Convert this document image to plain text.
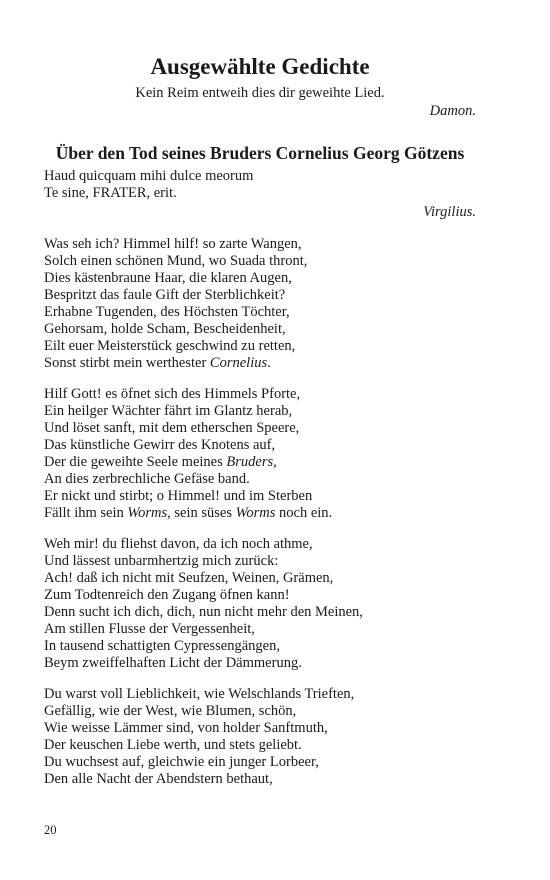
Ausgewählte Gedichte
Kein Reim entweih dies dir geweihte Lied.
Damon.
Über den Tod seines Bruders Cornelius Georg Götzens
Haud quicquam mihi dulce meorum
Te sine, FRATER, erit.
Virgilius.
Was seh ich? Himmel hilf! so zarte Wangen,
Solch einen schönen Mund, wo Suada thront,
Dies kästenbraune Haar, die klaren Augen,
Bespritzt das faule Gift der Sterblichkeit?
Erhabne Tugenden, des Höchsten Töchter,
Gehorsam, holde Scham, Bescheidenheit,
Eilt euer Meisterstück geschwind zu retten,
Sonst stirbt mein werthester Cornelius.
Hilf Gott! es öfnet sich des Himmels Pforte,
Ein heilger Wächter fährt im Glantz herab,
Und löset sanft, mit dem etherschen Speere,
Das künstliche Gewirr des Knotens auf,
Der die geweihte Seele meines Bruders,
An dies zerbrechliche Gefäse band.
Er nickt und stirbt; o Himmel! und im Sterben
Fällt ihm sein Worms, sein süses Worms noch ein.
Weh mir! du fliehst davon, da ich noch athme,
Und lässest unbarmhertzig mich zurück:
Ach! daß ich nicht mit Seufzen, Weinen, Grämen,
Zum Todtenreich den Zugang öfnen kann!
Denn sucht ich dich, dich, nun nicht mehr den Meinen,
Am stillen Flusse der Vergessenheit,
In tausend schattigten Cypressengängen,
Beym zweiffelhaften Licht der Dämmerung.
Du warst voll Lieblichkeit, wie Welschlands Trieften,
Gefällig, wie der West, wie Blumen, schön,
Wie weisse Lämmer sind, von holder Sanftmuth,
Der keuschen Liebe werth, und stets geliebt.
Du wuchsest auf, gleichwie ein junger Lorbeer,
Den alle Nacht der Abendstern bethaut,
20
